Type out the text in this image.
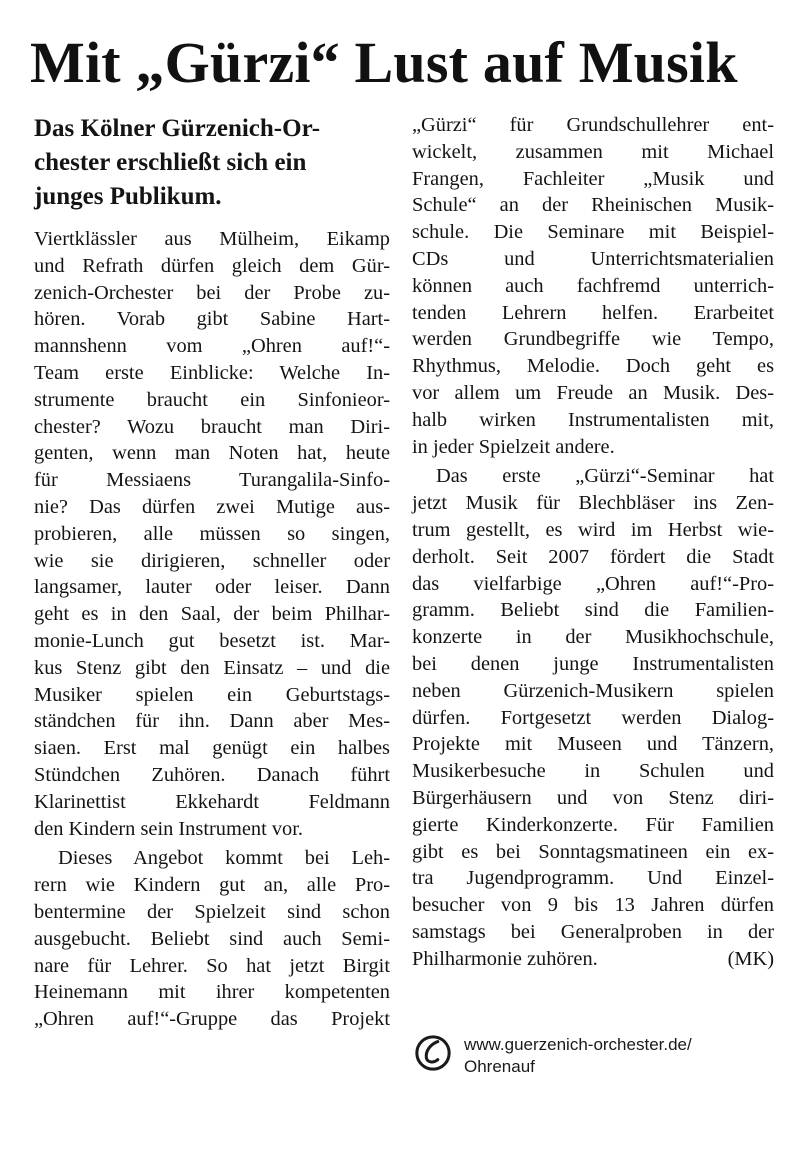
Mit „Gürzi“ Lust auf Musik
Das Kölner Gürzenich-Or-
chester erschließt sich ein
junges Publikum.
Viertklässler aus Mülheim, Eikamp
und Refrath dürfen gleich dem Gür-
zenich-Orchester bei der Probe zu-
hören. Vorab gibt Sabine Hart-
mannshenn vom „Ohren auf!“-
Team erste Einblicke: Welche In-
strumente braucht ein Sinfonieor-
chester? Wozu braucht man Diri-
genten, wenn man Noten hat, heute
für Messiaens Turangalila-Sinfo-
nie? Das dürfen zwei Mutige aus-
probieren, alle müssen so singen,
wie sie dirigieren, schneller oder
langsamer, lauter oder leiser. Dann
geht es in den Saal, der beim Philhar-
monie-Lunch gut besetzt ist. Mar-
kus Stenz gibt den Einsatz – und die
Musiker spielen ein Geburtstags-
ständchen für ihn. Dann aber Mes-
siaen. Erst mal genügt ein halbes
Stündchen Zuhören. Danach führt
Klarinettist Ekkehardt Feldmann
den Kindern sein Instrument vor.
Dieses Angebot kommt bei Leh-
rern wie Kindern gut an, alle Pro-
bentermine der Spielzeit sind schon
ausgebucht. Beliebt sind auch Semi-
nare für Lehrer. So hat jetzt Birgit
Heinemann mit ihrer kompetenten
„Ohren auf!“-Gruppe das Projekt
„Gürzi“ für Grundschullehrer ent-
wickelt, zusammen mit Michael
Frangen, Fachleiter „Musik und
Schule“ an der Rheinischen Musik-
schule. Die Seminare mit Beispiel-
CDs und Unterrichtsmaterialien
können auch fachfremd unterrich-
tenden Lehrern helfen. Erarbeitet
werden Grundbegriffe wie Tempo,
Rhythmus, Melodie. Doch geht es
vor allem um Freude an Musik. Des-
halb wirken Instrumentalisten mit,
in jeder Spielzeit andere.
Das erste „Gürzi“-Seminar hat
jetzt Musik für Blechbläser ins Zen-
trum gestellt, es wird im Herbst wie-
derholt. Seit 2007 fördert die Stadt
das vielfarbige „Ohren auf!“-Pro-
gramm. Beliebt sind die Familien-
konzerte in der Musikhochschule,
bei denen junge Instrumentalisten
neben Gürzenich-Musikern spielen
dürfen. Fortgesetzt werden Dialog-
Projekte mit Museen und Tänzern,
Musikerbesuche in Schulen und
Bürgerhäusern und von Stenz diri-
gierte Kinderkonzerte. Für Familien
gibt es bei Sonntagsmatineen ein ex-
tra Jugendprogramm. Und Einzel-
besucher von 9 bis 13 Jahren dürfen
samstags bei Generalproben in der
Philharmonie zuhören.	(MK)
www.guerzenich-orchester.de/
Ohrenauf
